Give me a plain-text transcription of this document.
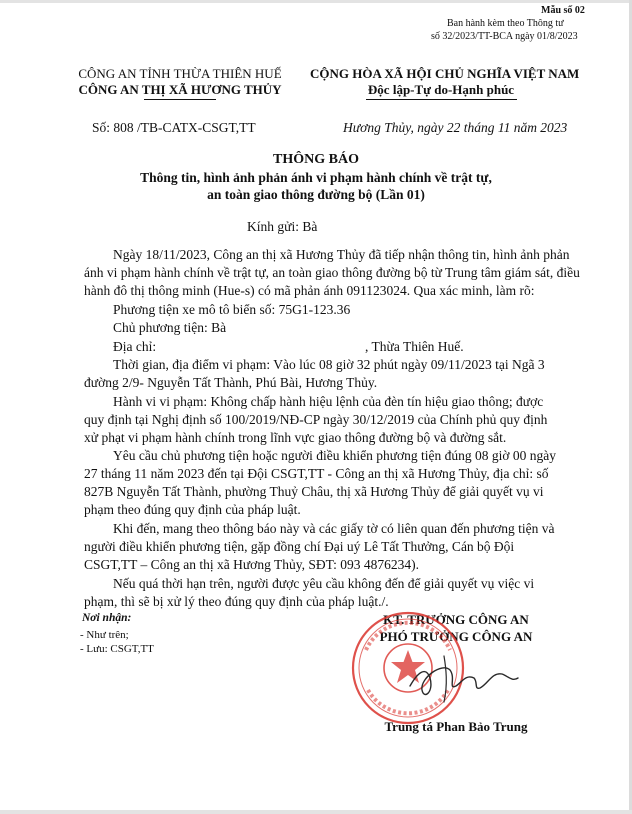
Mẫu số 02
Ban hành kèm theo Thông tư
số 32/2023/TT-BCA ngày 01/8/2023
CÔNG AN TỈNH THỪA THIÊN HUẾ
CÔNG AN THỊ XÃ HƯƠNG THỦY
CỘNG HÒA XÃ HỘI CHỦ NGHĨA VIỆT NAM
Độc lập-Tự do-Hạnh phúc
Số: 808 /TB-CATX-CSGT,TT	Hương Thủy, ngày 22 tháng 11 năm 2023
THÔNG BÁO
Thông tin, hình ảnh phản ánh vi phạm hành chính về trật tự,
an toàn giao thông đường bộ (Lần 01)
Kính gửi: Bà
Ngày 18/11/2023, Công an thị xã Hương Thủy đã tiếp nhận thông tin, hình ảnh phản
ánh vi phạm hành chính về trật tự, an toàn giao thông đường bộ từ Trung tâm giám sát, điều
hành đô thị thông minh (Hue-s) có mã phản ánh 091123024. Qua xác minh, làm rõ:
Phương tiện xe mô tô biển số: 75G1-123.36
Chủ phương tiện: Bà
Địa chỉ:	, Thừa Thiên Huế.
Thời gian, địa điểm vi phạm: Vào lúc 08 giờ 32 phút ngày 09/11/2023 tại Ngã 3
đường 2/9- Nguyễn Tất Thành, Phú Bài, Hương Thủy.
Hành vi vi phạm: Không chấp hành hiệu lệnh của đèn tín hiệu giao thông; được
quy định tại Nghị định số 100/2019/NĐ-CP ngày 30/12/2019 của Chính phủ quy định
xử phạt vi phạm hành chính trong lĩnh vực giao thông đường bộ và đường sắt.
Yêu cầu chủ phương tiện hoặc người điều khiển phương tiện đúng 08 giờ 00 ngày
27 tháng 11 năm 2023 đến tại Đội CSGT,TT - Công an thị xã Hương Thủy, địa chỉ: số
827B Nguyễn Tất Thành, phường Thuỷ Châu, thị xã Hương Thủy để giải quyết vụ vi
phạm theo đúng quy định của pháp luật.
Khi đến, mang theo thông báo này và các giấy tờ có liên quan đến phương tiện và
người điều khiển phương tiện, gặp đồng chí Đại uý Lê Tất Thưởng, Cán bộ Đội
CSGT,TT – Công an thị xã Hương Thủy, SĐT: 093 4876234).
Nếu quá thời hạn trên, người được yêu cầu không đến để giải quyết vụ việc vi
phạm, thì sẽ bị xử lý theo đúng quy định của pháp luật./.
Nơi nhận:
- Như trên;
- Lưu: CSGT,TT
KT. TRƯỞNG CÔNG AN
PHÓ TRƯỞNG CÔNG AN
Trung tá Phan Bảo Trung
